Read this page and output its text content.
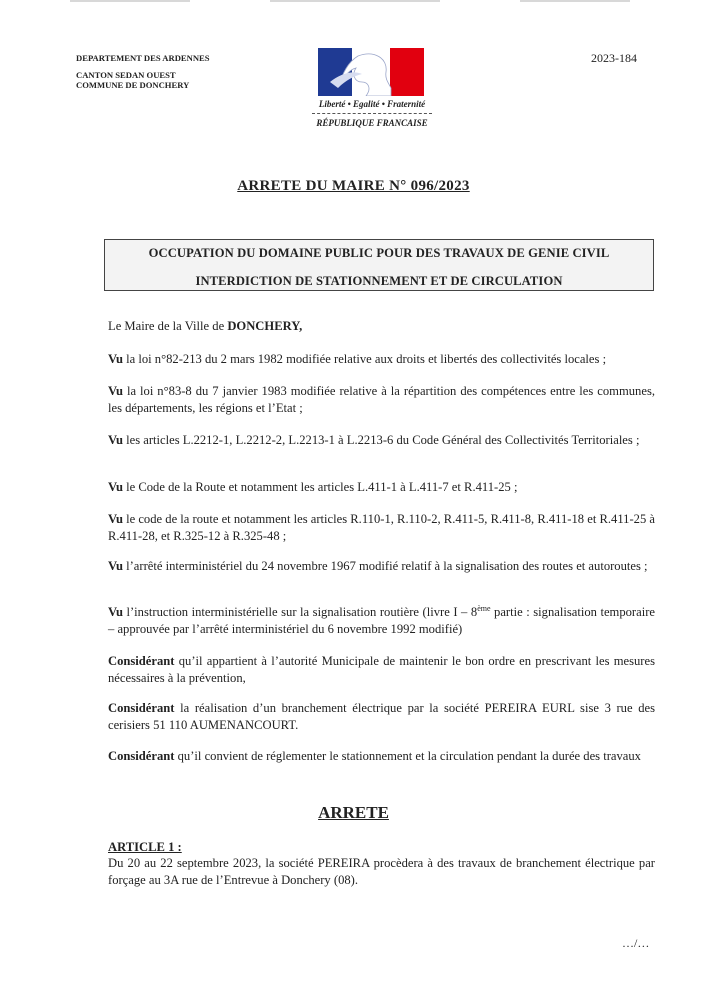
DEPARTEMENT DES ARDENNES
CANTON SEDAN OUEST
COMMUNE DE DONCHERY
2023-184
Liberté • Egalité • Fraternité
RÉPUBLIQUE FRANCAISE
ARRETE DU MAIRE N° 096/2023
OCCUPATION DU DOMAINE PUBLIC POUR DES TRAVAUX DE GENIE CIVIL
INTERDICTION DE STATIONNEMENT ET DE CIRCULATION
Le Maire de la Ville de DONCHERY,
Vu la loi n°82-213 du 2 mars 1982 modifiée relative aux droits et libertés des collectivités locales ;
Vu la loi n°83-8 du 7 janvier 1983 modifiée relative à la répartition des compétences entre les communes, les départements, les régions et l’Etat ;
Vu les articles L.2212-1, L.2212-2, L.2213-1 à L.2213-6 du Code Général des Collectivités Territoriales ;
Vu le Code de la Route et notamment les articles L.411-1 à L.411-7 et R.411-25 ;
Vu le code de la route et notamment les articles R.110-1, R.110-2, R.411-5, R.411-8, R.411-18 et R.411-25 à R.411-28, et R.325-12 à R.325-48 ;
Vu l’arrêté interministériel du 24 novembre 1967 modifié relatif à la signalisation des routes et autoroutes ;
Vu l’instruction interministérielle sur la signalisation routière (livre I – 8ème partie : signalisation temporaire – approuvée par l’arrêté interministériel du 6 novembre 1992 modifié)
Considérant qu’il appartient à l’autorité Municipale de maintenir le bon ordre en prescrivant les mesures nécessaires à la prévention,
Considérant la réalisation d’un branchement électrique par la société PEREIRA EURL sise 3 rue des cerisiers 51 110 AUMENANCOURT.
Considérant qu’il convient de réglementer le stationnement et la circulation pendant la durée des travaux
ARRETE
ARTICLE 1 :
Du 20 au 22 septembre 2023, la société PEREIRA procèdera à des travaux de branchement électrique par forçage au 3A rue de l’Entrevue à Donchery (08).
…/…
